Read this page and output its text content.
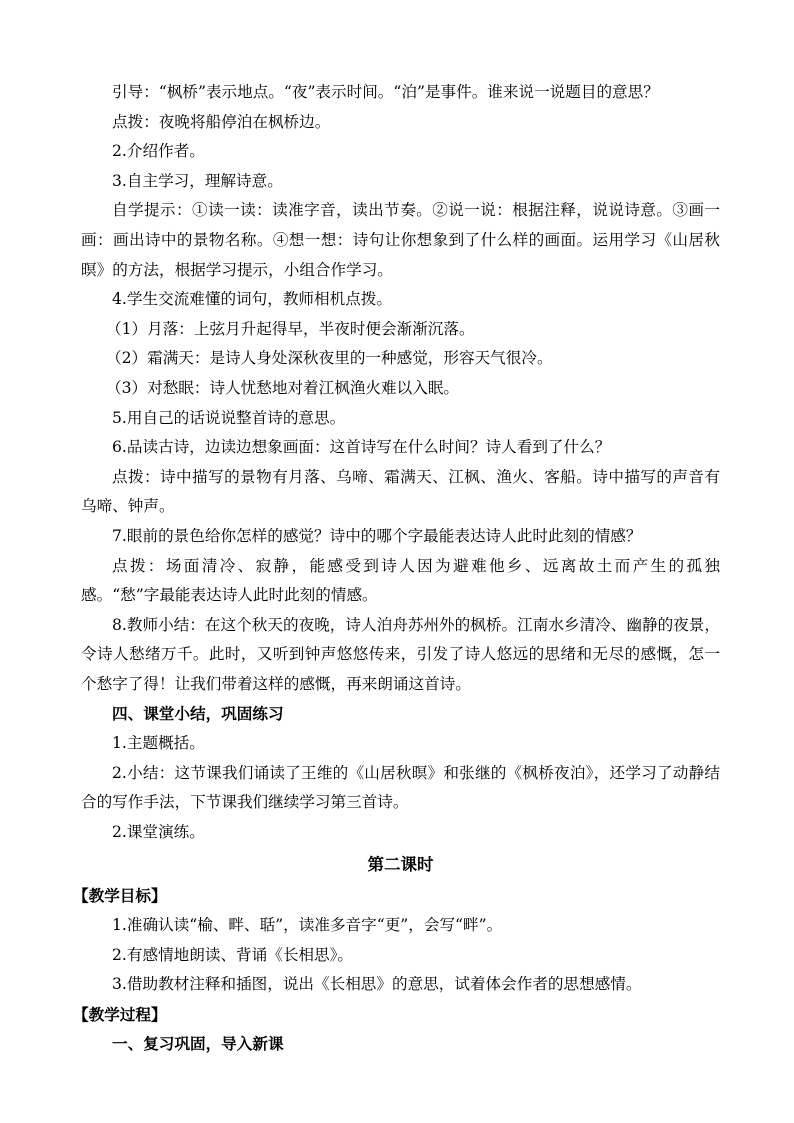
引导：“枫桥”表示地点。“夜”表示时间。“泊”是事件。谁来说一说题目的意思？

点拨：夜晚将船停泊在枫桥边。

2.介绍作者。

3.自主学习，理解诗意。

自学提示：①读一读：读准字音，读出节奏。②说一说：根据注释，说说诗意。③画一画：画出诗中的景物名称。④想一想：诗句让你想象到了什么样的画面。运用学习《山居秋暝》的方法，根据学习提示，小组合作学习。

4.学生交流难懂的词句，教师相机点拨。

（1）月落：上弦月升起得早，半夜时便会渐渐沉落。

（2）霜满天：是诗人身处深秋夜里的一种感觉，形容天气很冷。

（3）对愁眠：诗人忧愁地对着江枫渔火难以入眠。

5.用自己的话说说整首诗的意思。

6.品读古诗，边读边想象画面：这首诗写在什么时间？诗人看到了什么？

点拨：诗中描写的景物有月落、乌啼、霜满天、江枫、渔火、客船。诗中描写的声音有乌啼、钟声。

7.眼前的景色给你怎样的感觉？诗中的哪个字最能表达诗人此时此刻的情感？

点拨：场面清冷、寂静，能感受到诗人因为避难他乡、远离故土而产生的孤独感。“愁”字最能表达诗人此时此刻的情感。

8.教师小结：在这个秋天的夜晚，诗人泊舟苏州外的枫桥。江南水乡清冷、幽静的夜景，令诗人愁绪万千。此时，又听到钟声悠悠传来，引发了诗人悠远的思绪和无尽的感慨，怎一个愁字了得！让我们带着这样的感慨，再来朗诵这首诗。

四、课堂小结，巩固练习

1.主题概括。

2.小结：这节课我们诵读了王维的《山居秋暝》和张继的《枫桥夜泊》，还学习了动静结合的写作手法，下节课我们继续学习第三首诗。

2.课堂演练。

第二课时

【教学目标】

1.准确认读“榆、畔、聒”，读准多音字“更”，会写“畔”。

2.有感情地朗读、背诵《长相思》。

3.借助教材注释和插图，说出《长相思》的意思，试着体会作者的思想感情。

【教学过程】

一、复习巩固，导入新课
